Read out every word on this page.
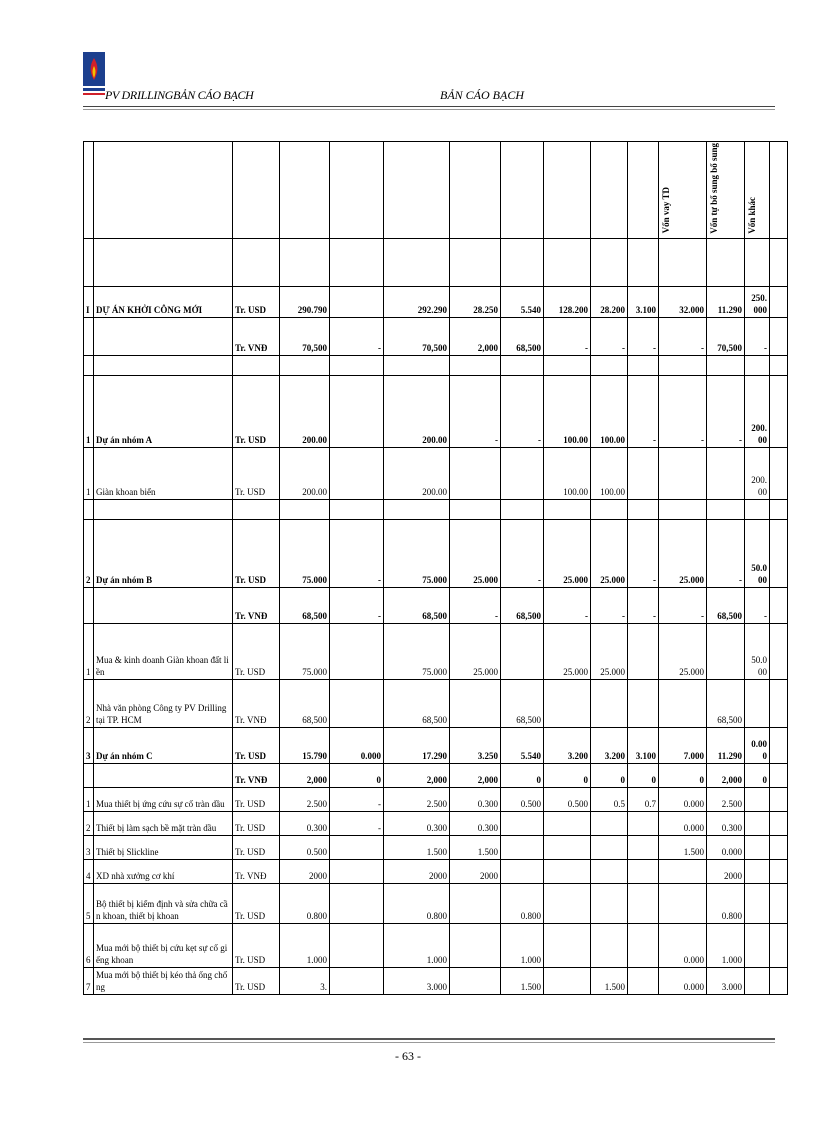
PV DRILLINGBẢN CÁO BẠCH	BẢN CÁO BẠCH
											Vốn vay TD	Vốn tự bổ sung bổ sung	Vốn khác	

I	DỰ ÁN KHỞI CÔNG MỚI	Tr. USD	290.790		292.290	28.250	5.540	128.200	28.200	3.100	32.000	11.290	250.000	
		Tr. VNĐ	70,500	-	70,500	2,000	68,500	-	-	-	-	70,500	-	

1	Dự án nhóm A	Tr. USD	200.00		200.00	-	-	100.00	100.00	-	-	-	200.00	
1	Giàn khoan biển	Tr. USD	200.00		200.00			100.00	100.00				200.00	

2	Dự án nhóm B	Tr. USD	75.000	-	75.000	25.000	-	25.000	25.000	-	25.000	-	50.000	
		Tr. VNĐ	68,500	-	68,500	-	68,500	-	-	-	-	68,500	-	
1	Mua & kinh doanh Giàn khoan đất liền	Tr. USD	75.000		75.000	25.000		25.000	25.000		25.000		50.000	
2	Nhà văn phòng Công ty PV Drilling tại TP. HCM	Tr. VNĐ	68,500		68,500		68,500					68,500		
3	Dự án nhóm C	Tr. USD	15.790	0.000	17.290	3.250	5.540	3.200	3.200	3.100	7.000	11.290	0.000	
		Tr. VNĐ	2,000	0	2,000	2,000	0	0	0	0	0	2,000	0	
1	Mua thiết bị ứng cứu sự cố tràn dầu	Tr. USD	2.500	-	2.500	0.300	0.500	0.500	0.5	0.7	0.000	2.500		
2	Thiết bị làm sạch bề mặt tràn dầu	Tr. USD	0.300	-	0.300	0.300					0.000	0.300		
3	Thiết bị Slickline	Tr. USD	0.500		1.500	1.500					1.500	0.000		
4	XD nhà xưởng cơ khí	Tr. VNĐ	2000		2000	2000						2000		
5	Bộ thiết bị kiểm định và sửa chữa cần khoan, thiết bị khoan	Tr. USD	0.800		0.800		0.800					0.800		
6	Mua mới bộ thiết bị cứu kẹt sự cố giếng khoan	Tr. USD	1.000		1.000		1.000				0.000	1.000		
7	Mua mới bộ thiết bị kéo thả ống chống	Tr. USD	3.		3.000		1.500		1.500		0.000	3.000		
- 63 -
